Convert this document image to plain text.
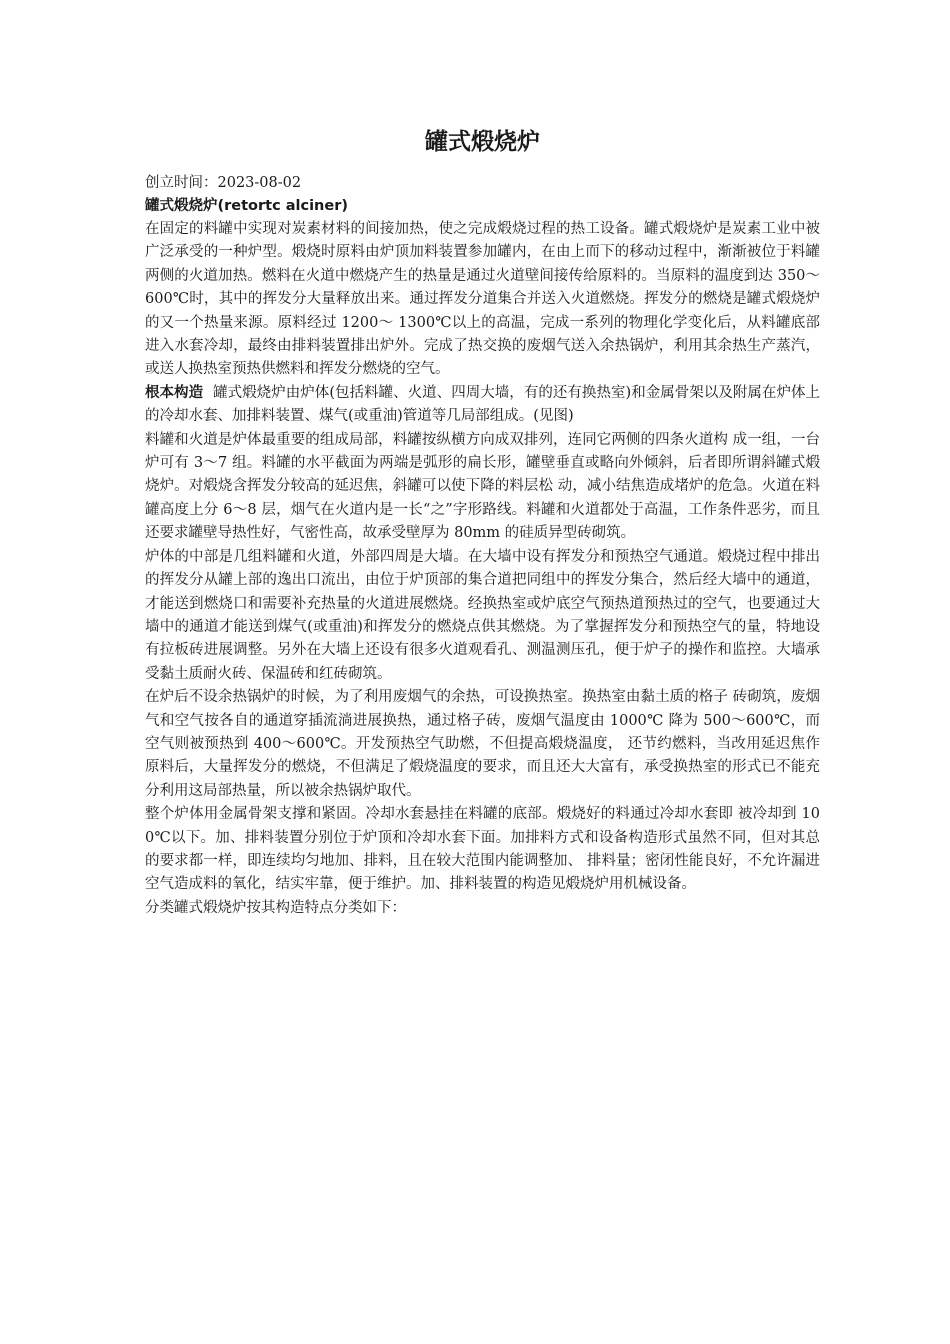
罐式煅烧炉
创立时间：2023-08-02
罐式煅烧炉(retortc alciner)

在固定的料罐中实现对炭素材料的间接加热，使之完成煅烧过程的热工设备。罐式煅烧炉是炭素工业中被广泛承受的一种炉型。煅烧时原料由炉顶加料装置参加罐内，在由上而下的移动过程中，渐渐被位于料罐两侧的火道加热。燃料在火道中燃烧产生的热量是通过火道壁间接传给原料的。当原料的温度到达 350～600℃时，其中的挥发分大量释放出来。通过挥发分道集合并送入火道燃烧。挥发分的燃烧是罐式煅烧炉的又一个热量来源。原料经过 1200～ 1300℃以上的高温，完成一系列的物理化学变化后，从料罐底部进入水套冷却，最终由排料装置排出炉外。完成了热交换的废烟气送入余热锅炉，利用其余热生产蒸汽，或送人换热室预热供燃料和挥发分燃烧的空气。

根本构造 罐式煅烧炉由炉体(包括料罐、火道、四周大墙，有的还有换热室)和金属骨架以及附属在炉体上的冷却水套、加排料装置、煤气(或重油)管道等几局部组成。(见图)

料罐和火道是炉体最重要的组成局部，料罐按纵横方向成双排列，连同它两侧的四条火道构 成一组，一台炉可有 3～7 组。料罐的水平截面为两端是弧形的扁长形，罐壁垂直或略向外倾斜，后者即所谓斜罐式煅烧炉。对煅烧含挥发分较高的延迟焦，斜罐可以使下降的料层松 动，减小结焦造成堵炉的危急。火道在料罐高度上分 6～8 层，烟气在火道内是一长“之”字形路线。料罐和火道都处于高温，工作条件恶劣，而且还要求罐壁导热性好，气密性高，故承受壁厚为 80mm 的硅质异型砖砌筑。

炉体的中部是几组料罐和火道，外部四周是大墙。在大墙中设有挥发分和预热空气通道。煅烧过程中排出的挥发分从罐上部的逸出口流出，由位于炉顶部的集合道把同组中的挥发分集合，然后经大墙中的通道，才能送到燃烧口和需要补充热量的火道进展燃烧。经换热室或炉底空气预热道预热过的空气，也要通过大墙中的通道才能送到煤气(或重油)和挥发分的燃烧点供其燃烧。为了掌握挥发分和预热空气的量，特地设有拉板砖进展调整。另外在大墙上还设有很多火道观看孔、测温测压孔，便于炉子的操作和监控。大墙承受黏土质耐火砖、保温砖和红砖砌筑。

在炉后不设余热锅炉的时候，为了利用废烟气的余热，可设换热室。换热室由黏土质的格子 砖砌筑，废烟气和空气按各自的通道穿插流淌进展换热，通过格子砖，废烟气温度由 1000℃ 降为 500～600℃，而空气则被预热到 400～600℃。开发预热空气助燃，不但提高煅烧温度， 还节约燃料，当改用延迟焦作原料后，大量挥发分的燃烧，不但满足了煅烧温度的要求，而且还大大富有，承受换热室的形式已不能充分利用这局部热量，所以被余热锅炉取代。

整个炉体用金属骨架支撑和紧固。冷却水套悬挂在料罐的底部。煅烧好的料通过冷却水套即 被冷却到 100℃以下。加、排料装置分别位于炉顶和冷却水套下面。加排料方式和设备构造形式虽然不同，但对其总的要求都一样，即连续均匀地加、排料，且在较大范围内能调整加、 排料量；密闭性能良好，不允许漏进空气造成料的氧化，结实牢靠，便于维护。加、排料装置的构造见煅烧炉用机械设备。

分类罐式煅烧炉按其构造特点分类如下：
